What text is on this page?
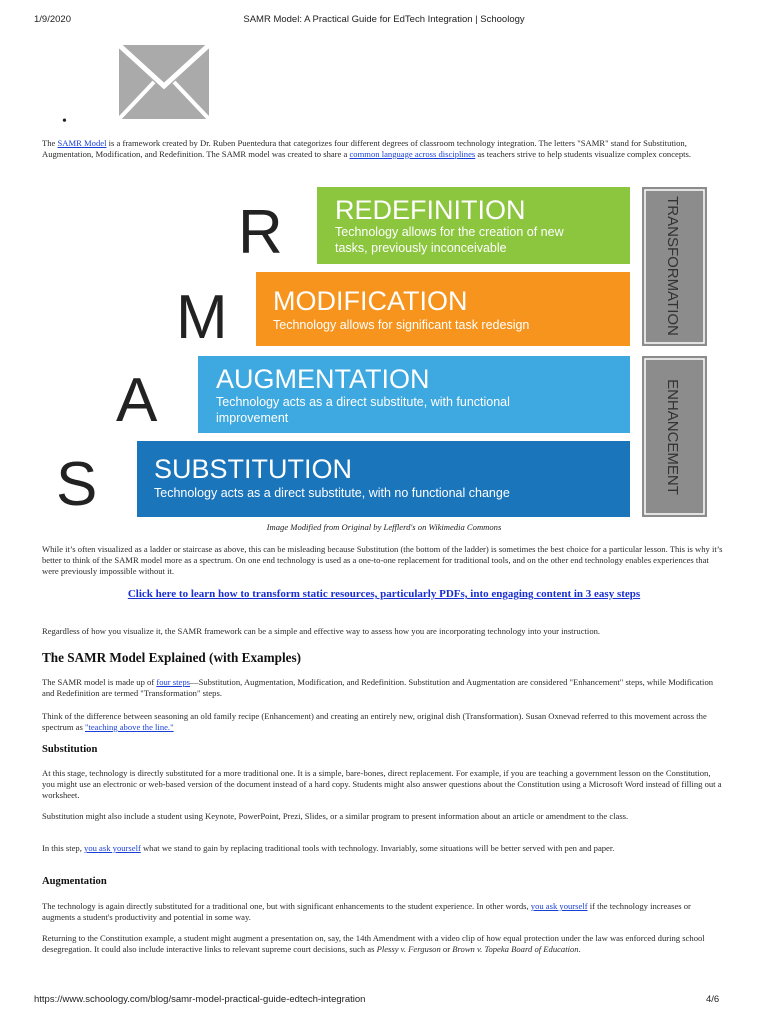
1/9/2020	SAMR Model: A Practical Guide for EdTech Integration | Schoology
•

The SAMR Model is a framework created by Dr. Ruben Puentedura that categorizes four different degrees of classroom technology integration. The letters "SAMR" stand for Substitution, Augmentation, Modification, and Redefinition. The SAMR model was created to share a common language across disciplines as teachers strive to help students visualize complex concepts.

R
M
A
S
REDEFINITION
Technology allows for the creation of new
tasks, previously inconceivable
MODIFICATION
Technology allows for significant task redesign
AUGMENTATION
Technology acts as a direct substitute, with functional
improvement
SUBSTITUTION
Technology acts as a direct substitute, with no functional change
TRANSFORMATION
ENHANCEMENT
Image Modified from Original by Lefflerd's on Wikimedia Commons

While it’s often visualized as a ladder or staircase as above, this can be misleading because Substitution (the bottom of the ladder) is sometimes the best choice for a particular lesson. This is why it’s better to think of the SAMR model more as a spectrum. On one end technology is used as a one-to-one replacement for traditional tools, and on the other end technology enables experiences that were previously impossible without it.

Click here to learn how to transform static resources, particularly PDFs, into engaging content in 3 easy steps

Regardless of how you visualize it, the SAMR framework can be a simple and effective way to assess how you are incorporating technology into your instruction.

The SAMR Model Explained (with Examples)

The SAMR model is made up of four steps—Substitution, Augmentation, Modification, and Redefinition. Substitution and Augmentation are considered "Enhancement" steps, while Modification and Redefinition are termed "Transformation" steps.

Think of the difference between seasoning an old family recipe (Enhancement) and creating an entirely new, original dish (Transformation). Susan Oxnevad referred to this movement across the spectrum as "teaching above the line."

Substitution

At this stage, technology is directly substituted for a more traditional one. It is a simple, bare-bones, direct replacement. For example, if you are teaching a government lesson on the Constitution, you might use an electronic or web-based version of the document instead of a hard copy. Students might also answer questions about the Constitution using a Microsoft Word instead of filling out a worksheet.

Substitution might also include a student using Keynote, PowerPoint, Prezi, Slides, or a similar program to present information about an article or amendment to the class.

In this step, you ask yourself what we stand to gain by replacing traditional tools with technology. Invariably, some situations will be better served with pen and paper.

Augmentation

The technology is again directly substituted for a traditional one, but with significant enhancements to the student experience. In other words, you ask yourself if the technology increases or augments a student's productivity and potential in some way.

Returning to the Constitution example, a student might augment a presentation on, say, the 14th Amendment with a video clip of how equal protection under the law was enforced during school desegregation. It could also include interactive links to relevant supreme court decisions, such as Plessy v. Ferguson or Brown v. Topeka Board of Education.

https://www.schoology.com/blog/samr-model-practical-guide-edtech-integration	4/6
